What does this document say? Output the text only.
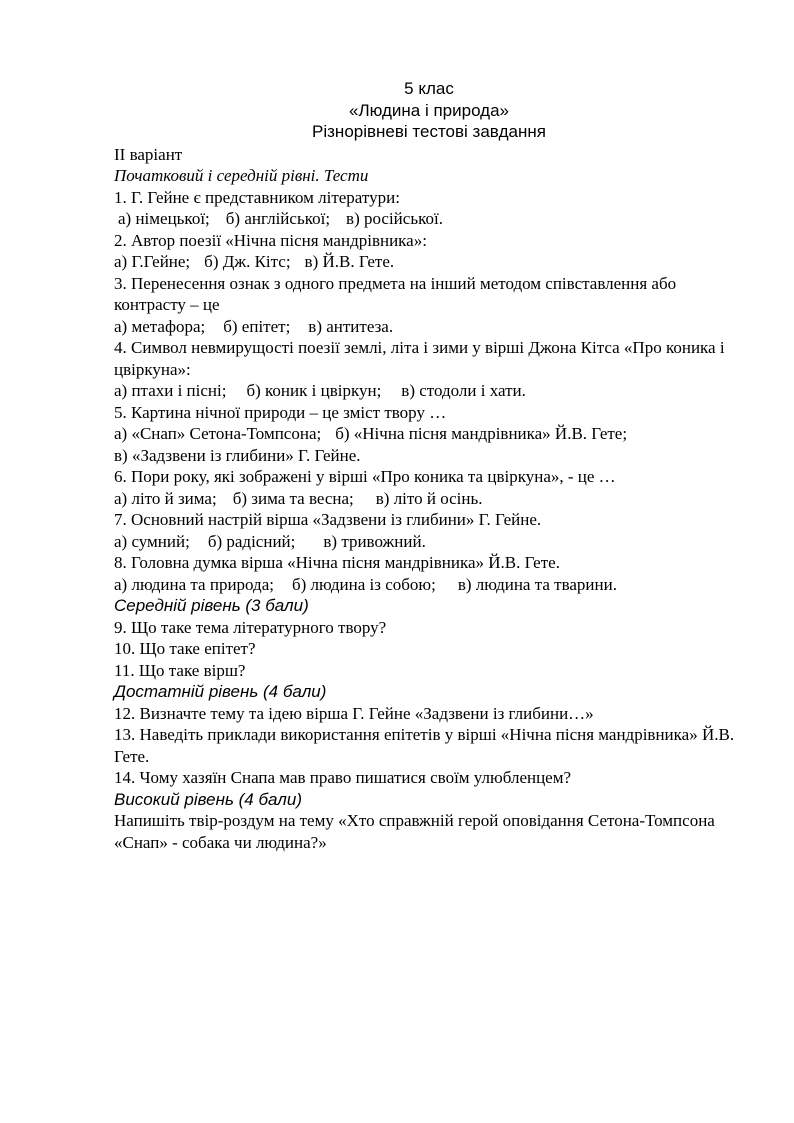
5 клас
«Людина і природа»
Різнорівневі тестові завдання

ІІ варіант

Початковий і середній рівні. Тести

1. Г. Гейне є представником літератури:

а) німецької; б) англійської; в) російської.

2. Автор поезії «Нічна пісня мандрівника»:

а) Г.Гейне; б) Дж. Кітс; в) Й.В. Гете.

3. Перенесення ознак з одного предмета на інший методом співставлення або контрасту – це

а) метафора; б) епітет; в) антитеза.

4. Символ невмирущості поезії землі, літа і зими у вірші Джона Кітса «Про коника і цвіркуна»:

а) птахи і пісні; б) коник і цвіркун; в) стодоли і хати.

5. Картина нічної природи – це зміст твору …

а) «Снап» Сетона-Томпсона; б) «Нічна пісня мандрівника» Й.В. Гете;

в) «Задзвени із глибини» Г. Гейне.

6. Пори року, які зображені у вірші «Про коника та цвіркуна», - це …

а) літо й зима; б) зима та весна; в) літо й осінь.

7. Основний настрій вірша «Задзвени із глибини» Г. Гейне.

а) сумний; б) радісний; в) тривожний.

8. Головна думка вірша «Нічна пісня мандрівника» Й.В. Гете.

а) людина та природа; б) людина із собою; в) людина та тварини.

Середній рівень (3 бали)

9. Що таке тема літературного твору?

10. Що таке епітет?

11. Що таке вірш?

Достатній рівень (4 бали)

12. Визначте тему та ідею вірша Г. Гейне «Задзвени із глибини…»

13. Наведіть приклади використання епітетів у вірші «Нічна пісня мандрівника» Й.В. Гете.

14. Чому хазяїн Снапа мав право пишатися своїм улюбленцем?

Високий рівень (4 бали)

Напишіть твір-роздум на тему «Хто справжній герой оповідання Сетона-Томпсона «Снап» - собака чи людина?»
